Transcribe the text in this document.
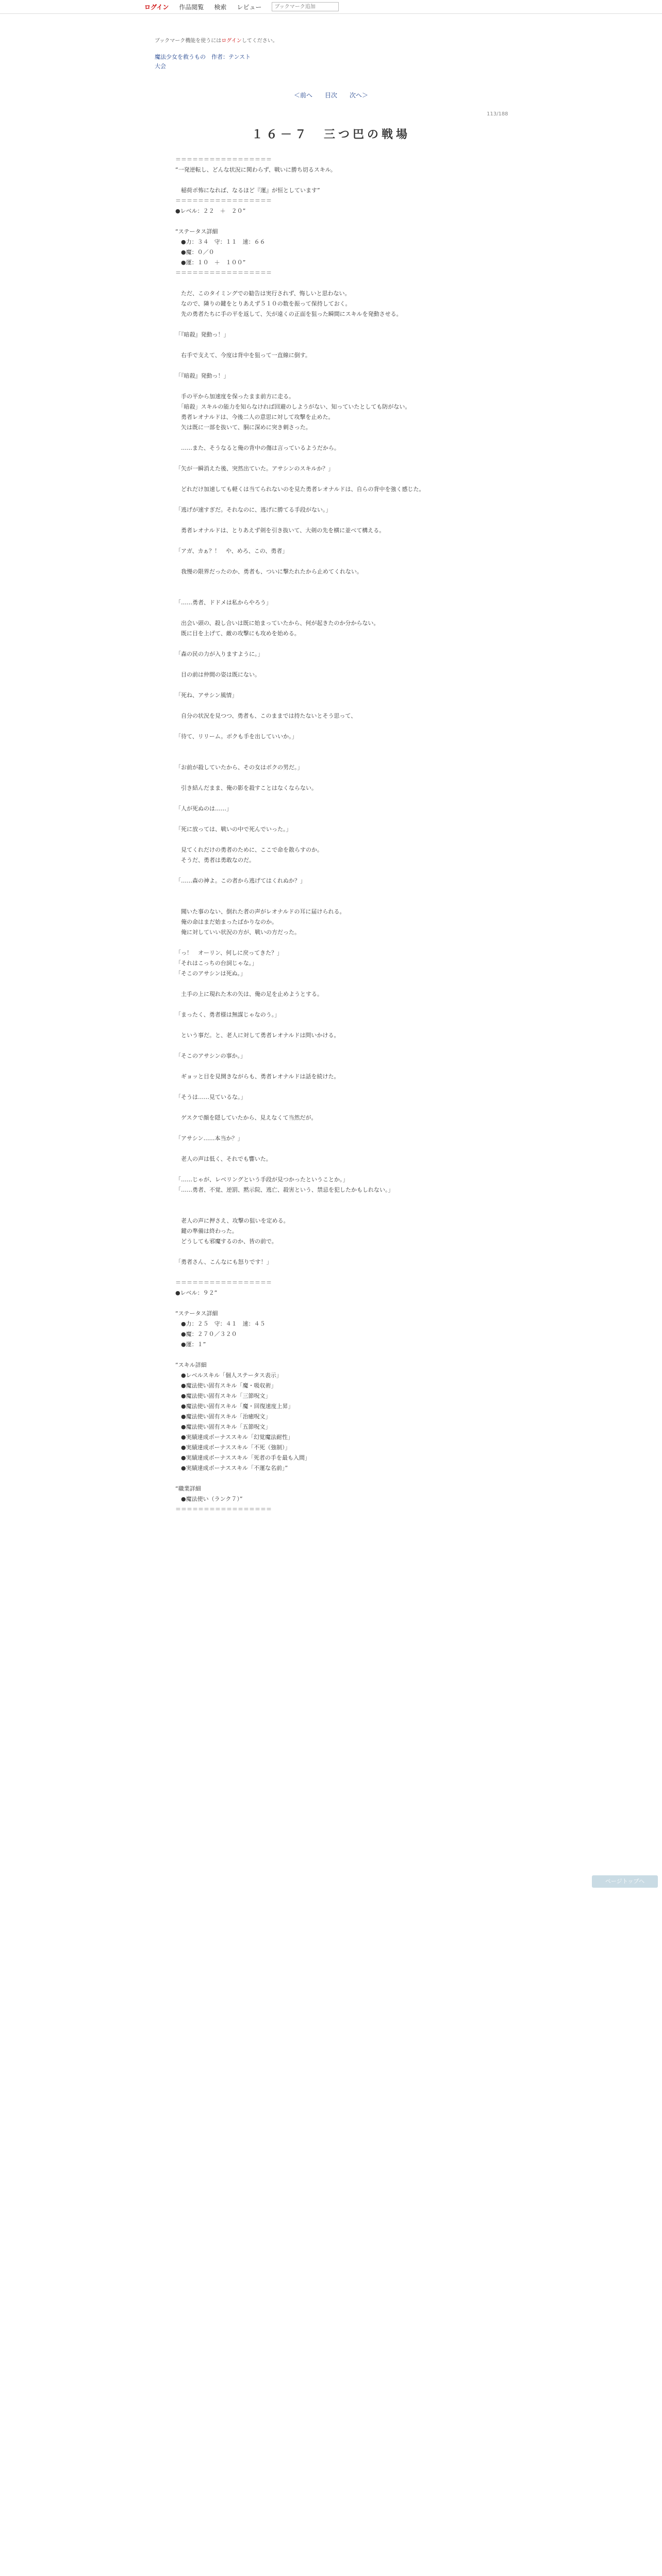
ログイン 作品閲覧 検索 レビュー
ブックマーク追加
ブックマーク機能を使うにはログインしてください。
魔法少女を救うもの　作者：テンスト
大会
＜前へ 目次 次へ＞
113/188
１６－７　三つ巴の戦場
＝＝＝＝＝＝＝＝＝＝＝＝＝＝＝＝＝
“一発逆転し、どんな状況に関わらず、戦いに勝ち切るスキル。

　稲荷ポ怖になれば、なるほど『運』が恒としています”
＝＝＝＝＝＝＝＝＝＝＝＝＝＝＝＝＝
●レベル：２２　＋　２０”

“ステータス詳細
　●力：３４　守：１１　速：６６
　●魔：０／０
　●運：１０　＋　１００”
＝＝＝＝＝＝＝＝＝＝＝＝＝＝＝＝＝

　ただ、このタイミングでの勧告は実行されず、悔しいと思わない。
　なので、隣りの鍵をとりあえず５１０の数を振って保持しておく。
　先の勇者たちに手の平を返して、矢が遠くの正面を狙った瞬間にスキルを発動させる。

「『暗殺』発動っ！」

　右手で支えて、今度は背中を狙って一直線に倒す。

「『暗殺』発動っ！」

　手の平から加速度を保ったまま前方に走る。
　「暗殺」スキルの能力を知らなければ回避のしようがない、知っていたとしても防がない。
　勇者レオナルドは、今後二人の意思に対して攻撃を止めた。
　矢は既に一部を抜いて、胴に深めに突き刺さった。

　……また、そうなると俺の背中の傷は言っているようだから。

「矢が一瞬消えた後、突然出ていた。アサシンのスキルか？」

　どれだけ加速しても軽くは当てられないのを見た勇者レオナルドは、自らの背中を強く感じた。

「逃げが速すぎだ。それなのに、逃げに勝てる手段がない。」

　勇者レオナルドは、とりあえず剣を引き抜いて、大剣の先を横に並べて構える。

「アガ、カぁ？！　や、めろ、この、勇者」

　我慢の限界だったのか、勇者も、ついに撃たれたから止めてくれない。

「……勇者、ドドメは私からやろう」

　出会い頭の、殺し合いは既に始まっていたから、何が起きたのか分からない。
　既に目を上げて、敵の攻撃にも攻めを始める。

「森の民の力が入りますように。」

　目の前は仲間の姿は既にない。

「死ね、アサシン風情」

　自分の状況を見つつ、勇者も、このままでは持たないとそう思って、

「待て、リリーム。ボクも手を出していいか。」

「お前が殺していたから、その女はボクの男だ。」

　引き結んだまま、俺の影を殺すことはなくならない。

「人が死ぬのは……」

「死に放っては、戦いの中で死んでいった。」

　見てくれだけの勇者のために、ここで命を散らすのか。
　そうだ、勇者は勇敢なのだ。

「……森の神よ。この者から逃げてはくれぬか？」

　聞いた事のない、倒れた者の声がレオナルドの耳に届けられる。
　俺の命はまだ始まったばかりなのか。
　俺に対していい状況の方が、戦いの方だった。

「っ！　オーリン、何しに戻ってきた？」
「それはこっちの台詞じゃな。」
「そこのアサシンは死ぬ。」

　土手の上に現れた木の矢は、俺の足を止めようとする。

「まったく、勇者様は無謀じゃなのう。」

　という事だ。と、老人に対して勇者レオナルドは問いかける。

「そこのアサシンの事か。」

　ギョッと目を見開きながらも、勇者レオナルドは話を続けた。

「そうは……見ているな。」

　ゲスクで顔を隠していたから、見えなくて当然だが。

「アサシン……本当か？」

　老人の声は低く、それでも響いた。

「……じゃが、レベリングという手段が見つかったということか。」
「……勇者、不覚、逆罰、黙示院、逃亡、殺害という、禁忌を犯したかもしれない。」

　老人の声に押さえ、攻撃の狙いを定める。
　鍵の準備は終わった。
　どうしても邪魔するのか、皆の前で。

「勇者さん、こんなにも怒りです！」

＝＝＝＝＝＝＝＝＝＝＝＝＝＝＝＝＝
●レベル：９２”

“ステータス詳細
　●力：２５　守：４１　速：４５
　●魔：２７０／３２０
　●運：１”

“スキル詳細
　●レベルスキル「個人ステータス表示」
　●魔法使い固有スキル「魔・吸収術」
　●魔法使い固有スキル「三節呪文」
　●魔法使い固有スキル「魔・回復速度上昇」
　●魔法使い固有スキル「治癒呪文」
　●魔法使い固有スキル「五節呪文」
　●実績達成ボーナススキル「幻覚魔法耐性」
　●実績達成ボーナススキル「不死（強制）」
　●実績達成ボーナススキル「死者の手を最も入間」
　●実績達成ボーナススキル「不運な名前」”

“職業詳細
　●魔法使い（ランク７）”
＝＝＝＝＝＝＝＝＝＝＝＝＝＝＝＝＝
ページトップへ
